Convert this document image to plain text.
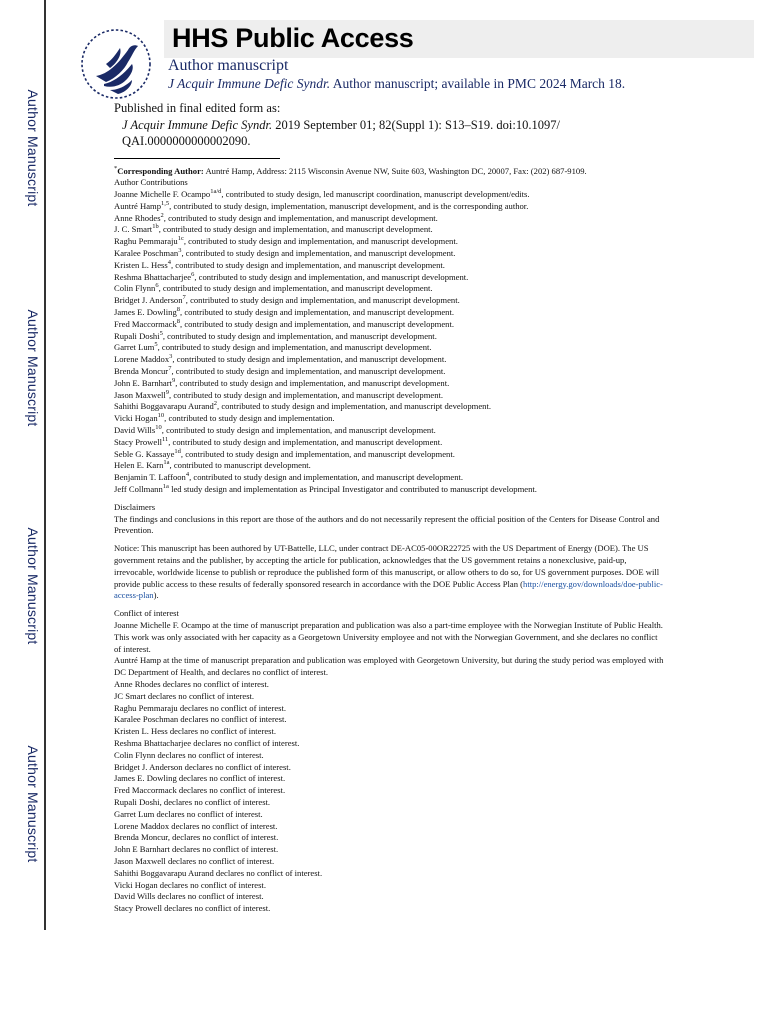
Author Manuscript
Author Manuscript
Author Manuscript
Author Manuscript
HHS Public Access
Author manuscript
J Acquir Immune Defic Syndr. Author manuscript; available in PMC 2024 March 18.
Published in final edited form as:
J Acquir Immune Defic Syndr. 2019 September 01; 82(Suppl 1): S13–S19. doi:10.1097/
QAI.0000000000002090.

*Corresponding Author: Auntré Hamp, Address: 2115 Wisconsin Avenue NW, Suite 603, Washington DC, 20007, Fax: (202) 687-9109.

Author Contributions
Joanne Michelle F. Ocampo$^{1a/d}$, contributed to study design, led manuscript coordination, manuscript development/edits.
Auntré Hamp$^{1,5}$, contributed to study design, implementation, manuscript development, and is the corresponding author.
Anne Rhodes$^2$, contributed to study design and implementation, and manuscript development.
J. C. Smart$^{1b}$, contributed to study design and implementation, and manuscript development.
Raghu Pemmaraju$^{1c}$, contributed to study design and implementation, and manuscript development.
Karalee Poschman$^3$, contributed to study design and implementation, and manuscript development.
Kristen L. Hess$^4$, contributed to study design and implementation, and manuscript development.
Reshma Bhattacharjee$^6$, contributed to study design and implementation, and manuscript development.
Colin Flynn$^6$, contributed to study design and implementation, and manuscript development.
Bridget J. Anderson$^7$, contributed to study design and implementation, and manuscript development.
James E. Dowling$^8$, contributed to study design and implementation, and manuscript development.
Fred Maccormack$^8$, contributed to study design and implementation, and manuscript development.
Rupali Doshi$^5$, contributed to study design and implementation, and manuscript development.
Garret Lum$^5$, contributed to study design and implementation, and manuscript development.
Lorene Maddox$^3$, contributed to study design and implementation, and manuscript development.
Brenda Moncur$^7$, contributed to study design and implementation, and manuscript development.
John E. Barnhart$^9$, contributed to study design and implementation, and manuscript development.
Jason Maxwell$^9$, contributed to study design and implementation, and manuscript development.
Sahithi Boggavarapu Aurand$^2$, contributed to study design and implementation, and manuscript development.
Vicki Hogan$^{10}$, contributed to study design and implementation.
David Wills$^{10}$, contributed to study design and implementation, and manuscript development.
Stacy Prowell$^{11}$, contributed to study design and implementation, and manuscript development.
Seble G. Kassaye$^{1d}$, contributed to study design and implementation, and manuscript development.
Helen E. Karn$^{1a}$, contributed to manuscript development.
Benjamin T. Laffoon$^4$, contributed to study design and implementation, and manuscript development.
Jeff Collmann$^{1a}$ led study design and implementation as Principal Investigator and contributed to manuscript development.
Disclaimers

The findings and conclusions in this report are those of the authors and do not necessarily represent the official position of the Centers for Disease Control and Prevention.

Notice: This manuscript has been authored by UT-Battelle, LLC, under contract DE-AC05-00OR22725 with the US Department of Energy (DOE). The US government retains and the publisher, by accepting the article for publication, acknowledges that the US government retains a nonexclusive, paid-up, irrevocable, worldwide license to publish or reproduce the published form of this manuscript, or allow others to do so, for US government purposes. DOE will provide public access to these results of federally sponsored research in accordance with the DOE Public Access Plan (http://energy.gov/downloads/doe-public-access-plan).

Conflict of interest
Joanne Michelle F. Ocampo at the time of manuscript preparation and publication was also a part-time employee with the Norwegian Institute of Public Health. This work was only associated with her capacity as a Georgetown University employee and not with the Norwegian Government, and she declares no conflict of interest.
Auntré Hamp at the time of manuscript preparation and publication was employed with Georgetown University, but during the study period was employed with DC Department of Health, and declares no conflict of interest.
Anne Rhodes declares no conflict of interest.
JC Smart declares no conflict of interest.
Raghu Pemmaraju declares no conflict of interest.
Karalee Poschman declares no conflict of interest.
Kristen L. Hess declares no conflict of interest.
Reshma Bhattacharjee declares no conflict of interest.
Colin Flynn declares no conflict of interest.
Bridget J. Anderson declares no conflict of interest.
James E. Dowling declares no conflict of interest.
Fred Maccormack declares no conflict of interest.
Rupali Doshi, declares no conflict of interest.
Garret Lum declares no conflict of interest.
Lorene Maddox declares no conflict of interest.
Brenda Moncur, declares no conflict of interest.
John E Barnhart declares no conflict of interest.
Jason Maxwell declares no conflict of interest.
Sahithi Boggavarapu Aurand declares no conflict of interest.
Vicki Hogan declares no conflict of interest.
David Wills declares no conflict of interest.
Stacy Prowell declares no conflict of interest.
